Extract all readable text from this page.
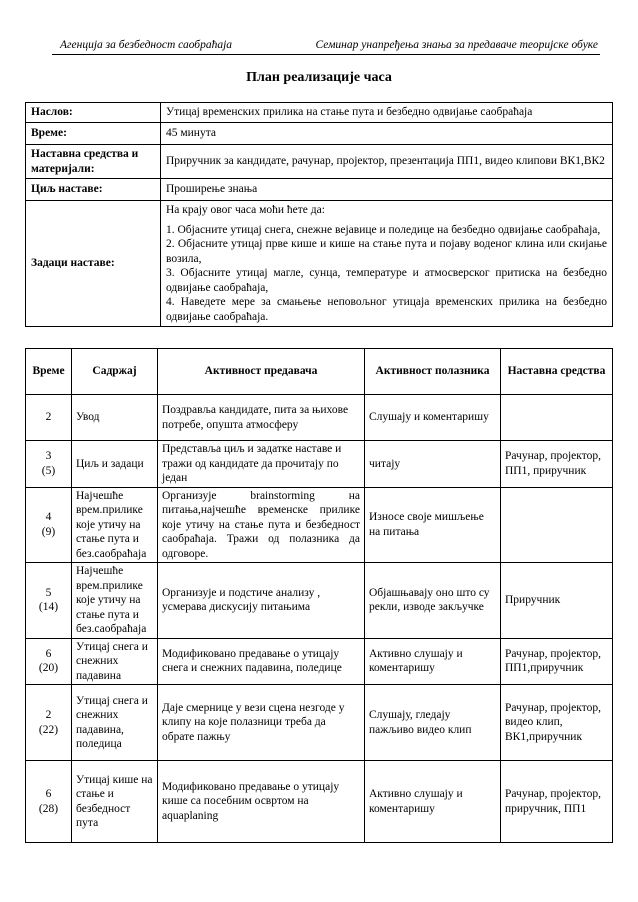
Агенција за безбедност саобраћаја	Семинар унапређења знања за предаваче теоријске обуке
План реализације часа
Наслов:	Утицај временских прилика на стање пута и безбедно одвијање саобраћаја
Време:	45 минута
Наставна средства и материјали:	Приручник за кандидате, рачунар, пројектор, презентација ПП1, видео клипови ВК1,ВК2
Циљ наставе:	Проширење знања
Задаци наставе:	На крају овог часа моћи ћете да:

1. Објасните утицај снега, снежне вејавице и поледице на безбедно одвијање саобраћаја,

2. Објасните утицај прве кише и кише на стање пута и појаву воденог клина или скијање возила,

3. Објасните утицај магле, сунца, температуре и атмосверског притиска на безбедно одвијање саобраћаја,

4. Наведете мере за смањење неповољног утицаја временских прилика на безбедно одвијање саобраћаја.

Време	Садржај	Активност предавача	Активност полазника	Наставна средства

2	Увод	Поздравља кандидате, пита за њихове потребе, опушта атмосферу	Слушају и коментаришу	

3
(5)	Циљ и задаци	Представља циљ и задатке наставе и тражи од кандидате да прочитају по један	читају	Рачунар, пројектор, ПП1, приручник

4
(9)	Најчешће врем.прилике које утичу на стање пута и без.саобраћаја	Организује brainstorming на питања,најчешће временске прилике које утичу на стање пута и безбедност саобраћаја. Тражи од полазника да одговоре.	Износе своје мишљење на питања	

5
(14)	Најчешће врем.прилике које утичу на стање пута и без.саобраћаја	Организује и подстиче анализу , усмерава дискусију питањима	Објашњавају оно што су рекли, изводе закључке	Приручник

6
(20)	Утицај снега и снежних падавина	Модификовано предавање о утицају снега и снежних падавина, поледице	Активно слушају и коментаришу	Рачунар, пројектор, ПП1,приручник

2
(22)	Утицај снега и снежних падавина, поледица	Даје смернице у вези сцена незгоде у клипу на које полазници треба да обрате пажњу	Слушају, гледају пажљиво видео клип	Рачунар, пројектор, видео клип, ВК1,приручник

6
(28)	Утицај кише на стање и безбедност пута	Модификовано предавање о утицају кише са посебним освртом на aquaplaning	Активно слушају и коментаришу	Рачунар, пројектор, приручник, ПП1
